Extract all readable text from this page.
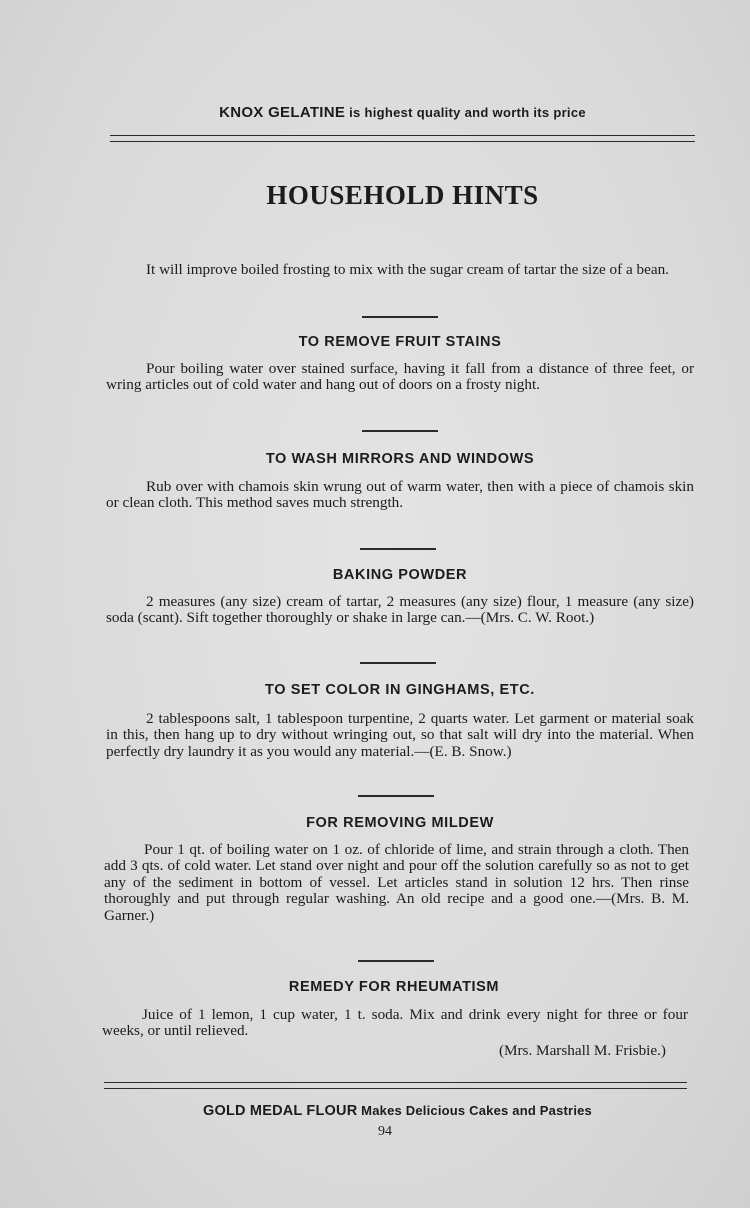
KNOX GELATINE is highest quality and worth its price
HOUSEHOLD HINTS

It will improve boiled frosting to mix with the sugar cream of tartar the size of a bean.

TO REMOVE FRUIT STAINS

Pour boiling water over stained surface, having it fall from a distance of three feet, or wring articles out of cold water and hang out of doors on a frosty night.

TO WASH MIRRORS AND WINDOWS

Rub over with chamois skin wrung out of warm water, then with a piece of chamois skin or clean cloth. This method saves much strength.

BAKING POWDER

2 measures (any size) cream of tartar, 2 measures (any size) flour, 1 measure (any size) soda (scant). Sift together thoroughly or shake in large can.—(Mrs. C. W. Root.)

TO SET COLOR IN GINGHAMS, ETC.

2 tablespoons salt, 1 tablespoon turpentine, 2 quarts water. Let garment or material soak in this, then hang up to dry without wringing out, so that salt will dry into the material. When perfectly dry laundry it as you would any material.—(E. B. Snow.)

FOR REMOVING MILDEW

Pour 1 qt. of boiling water on 1 oz. of chloride of lime, and strain through a cloth. Then add 3 qts. of cold water. Let stand over night and pour off the solution carefully so as not to get any of the sediment in bottom of vessel. Let articles stand in solution 12 hrs. Then rinse thoroughly and put through regular washing. An old recipe and a good one.—(Mrs. B. M. Garner.)

REMEDY FOR RHEUMATISM

Juice of 1 lemon, 1 cup water, 1 t. soda. Mix and drink every night for three or four weeks, or until relieved.

(Mrs. Marshall M. Frisbie.)
GOLD MEDAL FLOUR Makes Delicious Cakes and Pastries
94
